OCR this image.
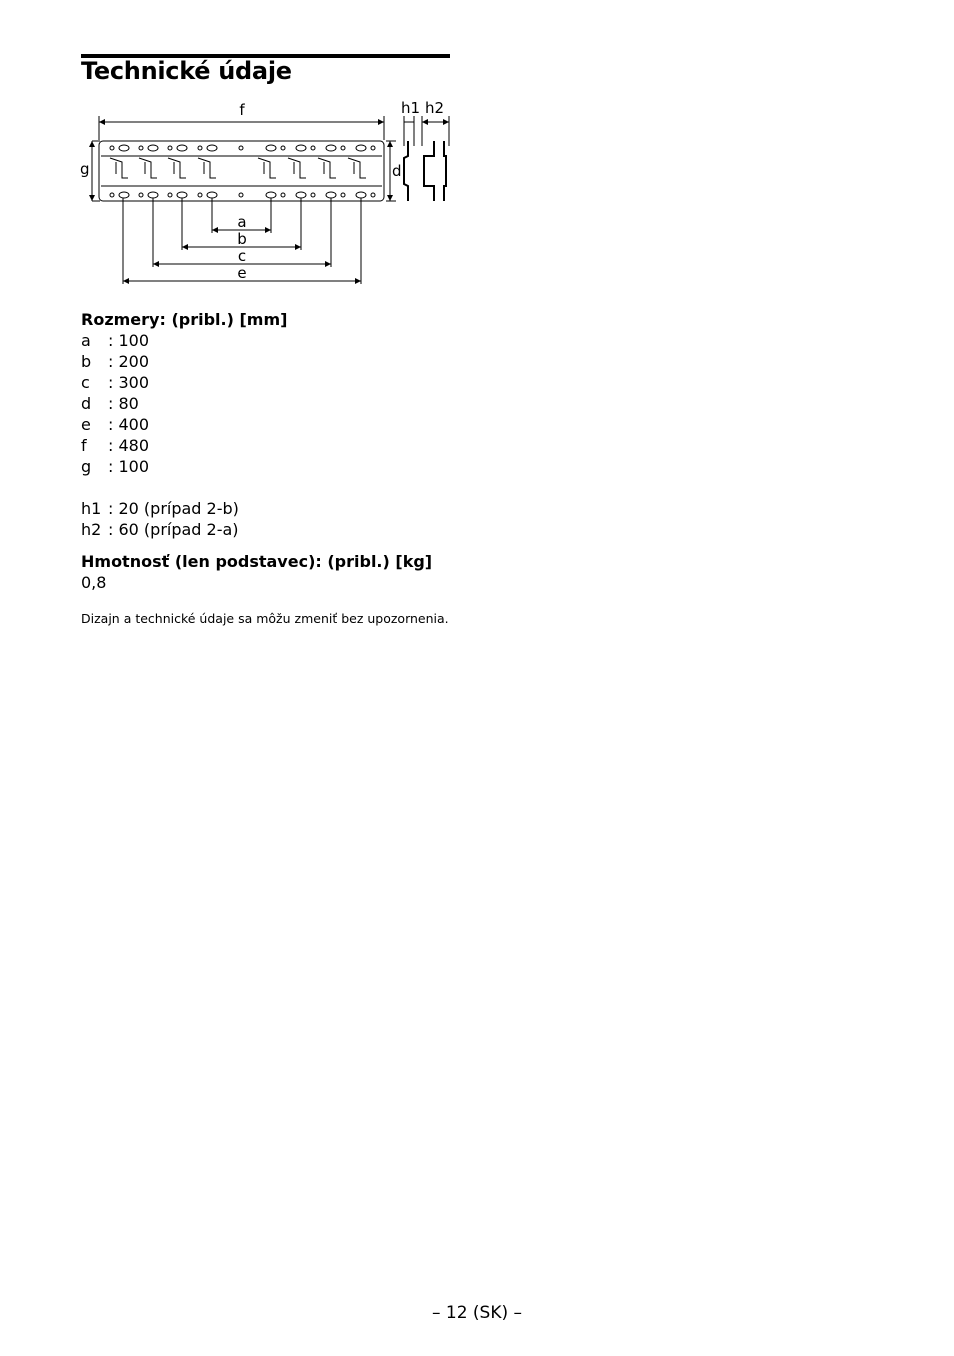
Technické údaje
f
g	d
h1 h2
a
b
c
e
Rozmery: (pribl.) [mm]
a	: 100
b	: 200
c	: 300
d	: 80
e	: 400
f	: 480
g	: 100
h1 : 20 (prípad 2-b)
h2 : 60 (prípad 2-a)
Hmotnosť (len podstavec): (pribl.) [kg]
0,8
Dizajn a technické údaje sa môžu zmeniť bez upozornenia.
– 12 (SK) –
